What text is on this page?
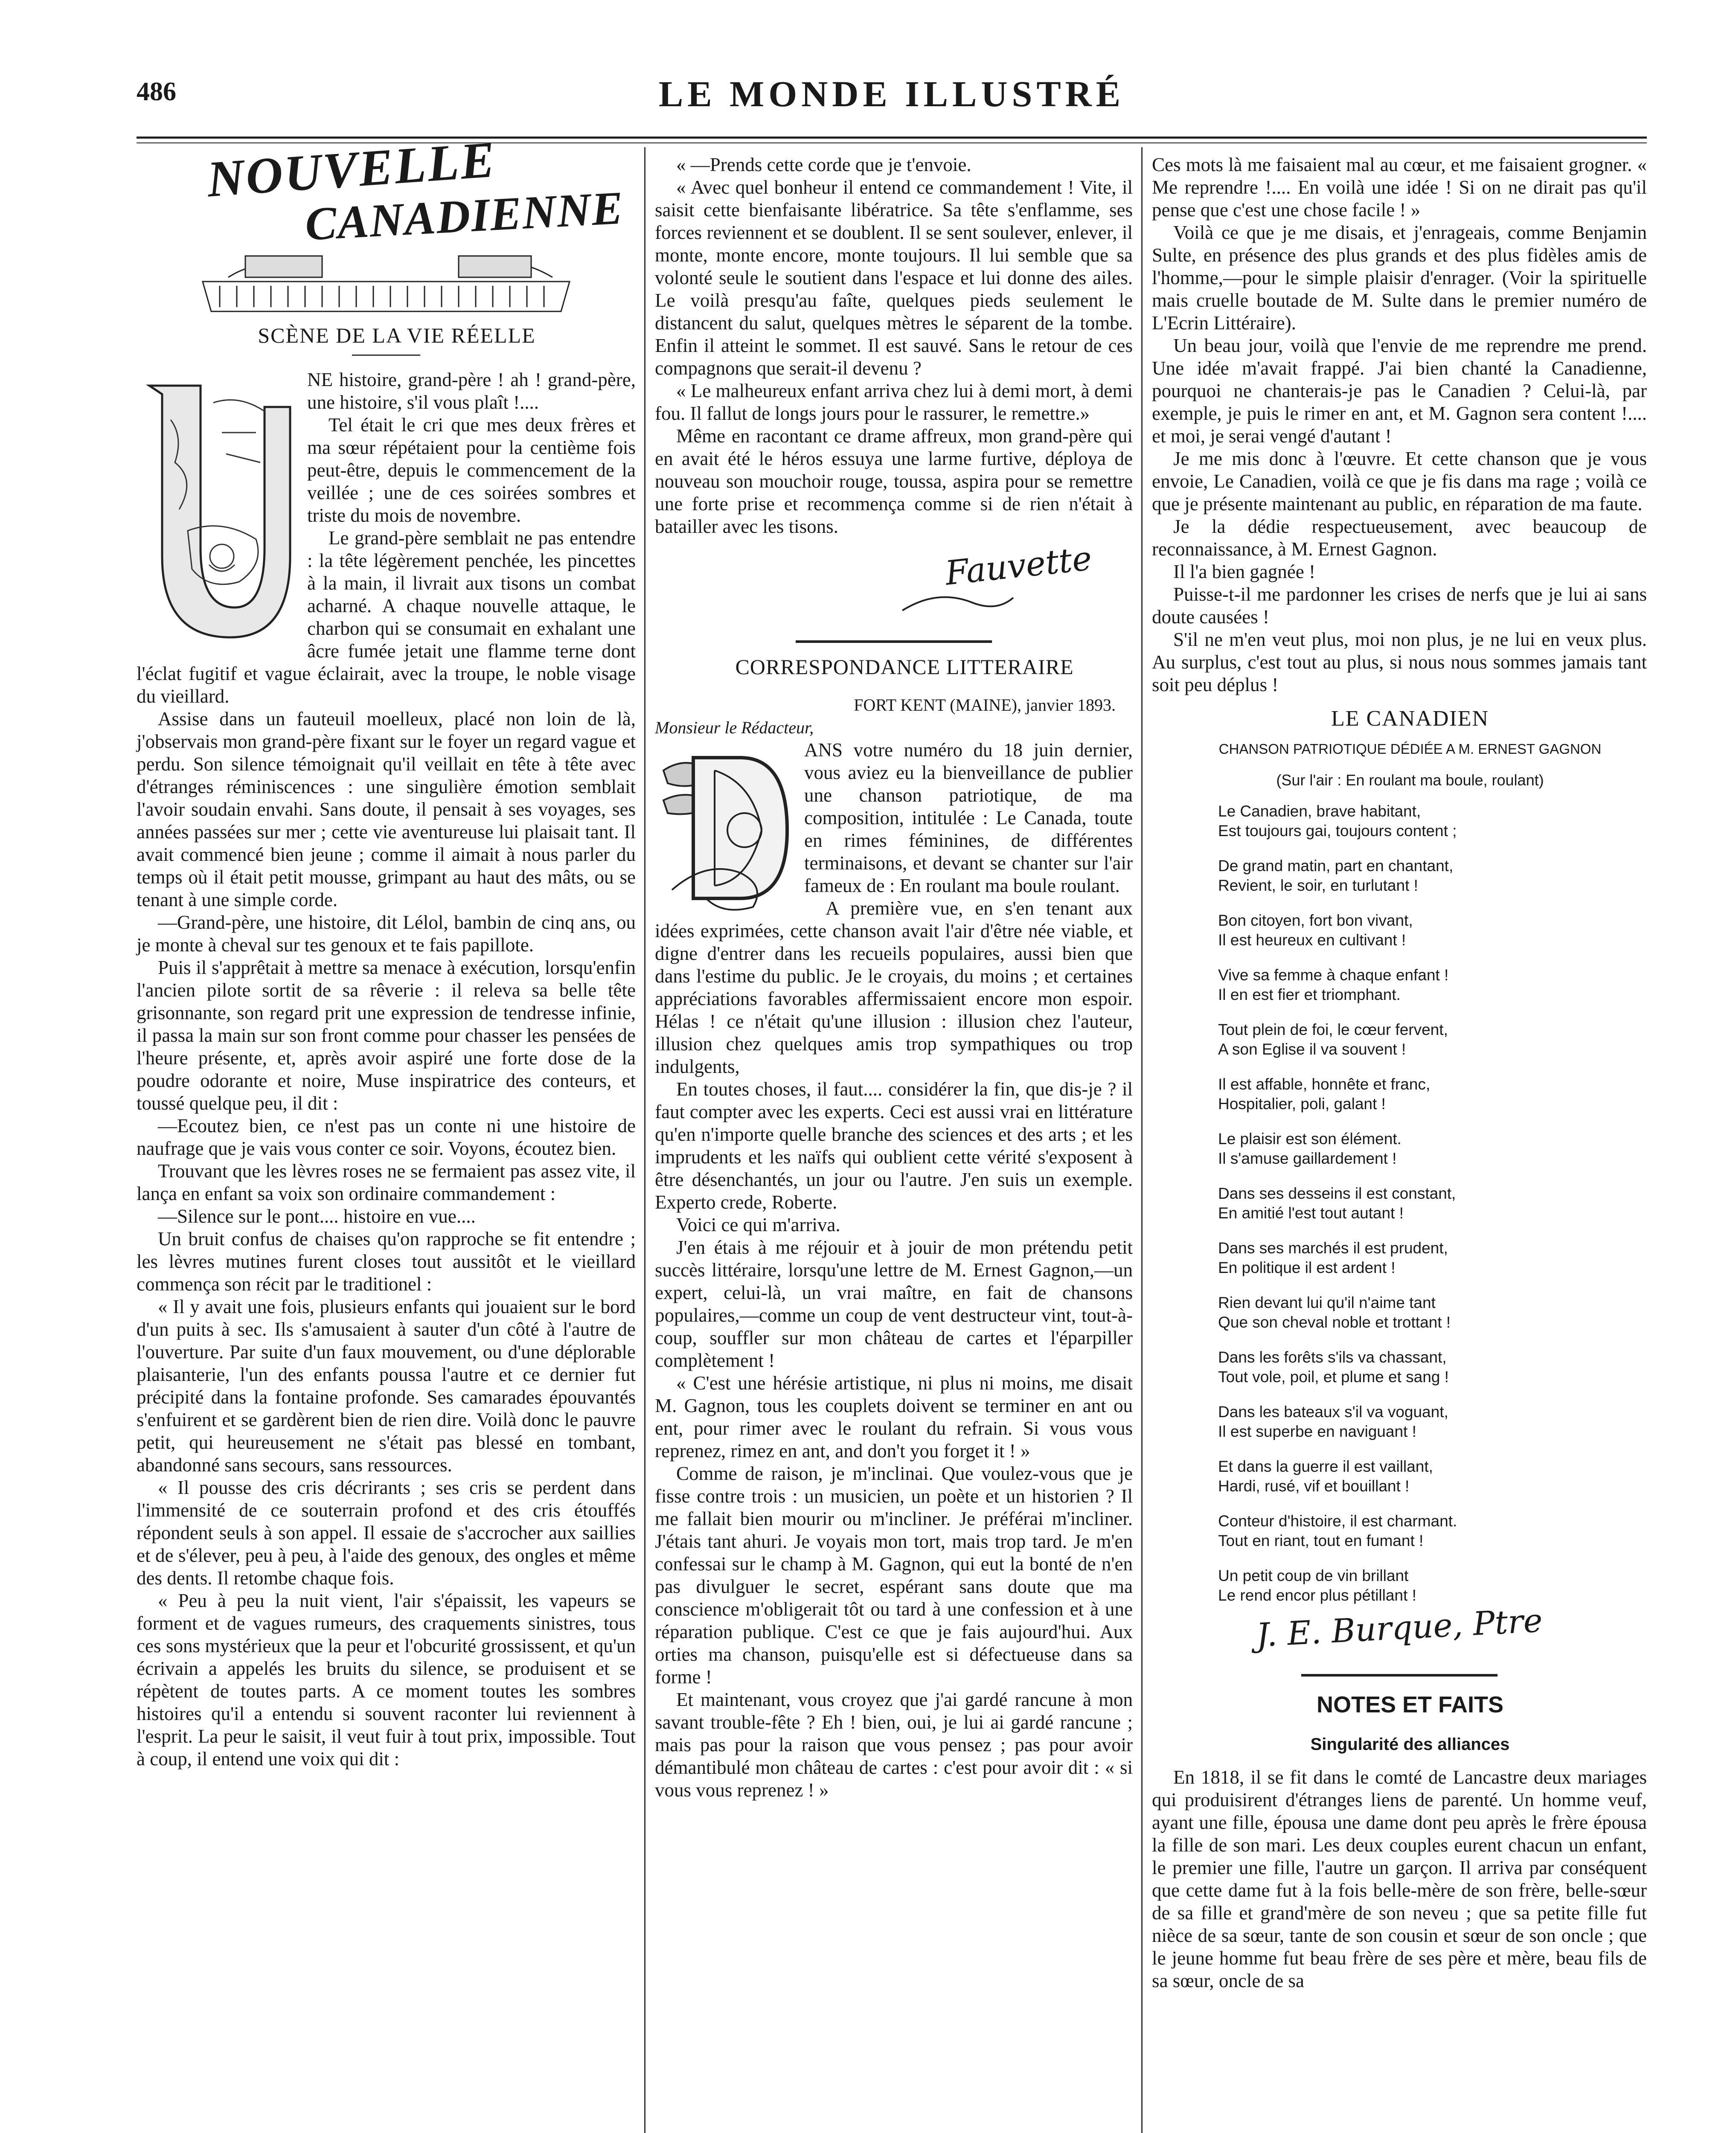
486	LE MONDE ILLUSTRÉ
NOUVELLE
CANADIENNE

SCÈNE DE LA VIE RÉELLE

NE histoire, grand-père ! ah ! grand-père, une histoire, s'il vous plaît !....

Tel était le cri que mes deux frères et ma sœur répétaient pour la centième fois peut-être, depuis le commencement de la veillée ; une de ces soirées sombres et triste du mois de novembre.

Le grand-père semblait ne pas entendre : la tête légèrement penchée, les pincettes à la main, il livrait aux tisons un combat acharné. A chaque nouvelle attaque, le charbon qui se consumait en exhalant une âcre fumée jetait une flamme terne dont l'éclat fugitif et vague éclairait, avec la troupe, le noble visage du vieillard.

Assise dans un fauteuil moelleux, placé non loin de là, j'observais mon grand-père fixant sur le foyer un regard vague et perdu. Son silence témoignait qu'il veillait en tête à tête avec d'étranges réminiscences : une singulière émotion semblait l'avoir soudain envahi. Sans doute, il pensait à ses voyages, ses années passées sur mer ; cette vie aventureuse lui plaisait tant. Il avait commencé bien jeune ; comme il aimait à nous parler du temps où il était petit mousse, grimpant au haut des mâts, ou se tenant à une simple corde.

—Grand-père, une histoire, dit Lélol, bambin de cinq ans, ou je monte à cheval sur tes genoux et te fais papillote.

Puis il s'apprêtait à mettre sa menace à exécution, lorsqu'enfin l'ancien pilote sortit de sa rêverie : il releva sa belle tête grisonnante, son regard prit une expression de tendresse infinie, il passa la main sur son front comme pour chasser les pensées de l'heure présente, et, après avoir aspiré une forte dose de la poudre odorante et noire, Muse inspiratrice des conteurs, et toussé quelque peu, il dit :

—Ecoutez bien, ce n'est pas un conte ni une histoire de naufrage que je vais vous conter ce soir. Voyons, écoutez bien.

Trouvant que les lèvres roses ne se fermaient pas assez vite, il lança en enfant sa voix son ordinaire commandement :

—Silence sur le pont.... histoire en vue....

Un bruit confus de chaises qu'on rapproche se fit entendre ; les lèvres mutines furent closes tout aussitôt et le vieillard commença son récit par le traditionel :

« Il y avait une fois, plusieurs enfants qui jouaient sur le bord d'un puits à sec. Ils s'amusaient à sauter d'un côté à l'autre de l'ouverture. Par suite d'un faux mouvement, ou d'une déplorable plaisanterie, l'un des enfants poussa l'autre et ce dernier fut précipité dans la fontaine profonde. Ses camarades épouvantés s'enfuirent et se gardèrent bien de rien dire. Voilà donc le pauvre petit, qui heureusement ne s'était pas blessé en tombant, abandonné sans secours, sans ressources.

« Il pousse des cris décrirants ; ses cris se perdent dans l'immensité de ce souterrain profond et des cris étouffés répondent seuls à son appel. Il essaie de s'accrocher aux saillies et de s'élever, peu à peu, à l'aide des genoux, des ongles et même des dents. Il retombe chaque fois.

« Peu à peu la nuit vient, l'air s'épaissit, les vapeurs se forment et de vagues rumeurs, des craquements sinistres, tous ces sons mystérieux que la peur et l'obcurité grossissent, et qu'un écrivain a appelés les bruits du silence, se produisent et se répètent de toutes parts. A ce moment toutes les sombres histoires qu'il a entendu si souvent raconter lui reviennent à l'esprit. La peur le saisit, il veut fuir à tout prix, impossible. Tout à coup, il entend une voix qui dit :

« —Prends cette corde que je t'envoie.

« Avec quel bonheur il entend ce commandement ! Vite, il saisit cette bienfaisante libératrice. Sa tête s'enflamme, ses forces reviennent et se doublent. Il se sent soulever, enlever, il monte, monte encore, monte toujours. Il lui semble que sa volonté seule le soutient dans l'espace et lui donne des ailes. Le voilà presqu'au faîte, quelques pieds seulement le distancent du salut, quelques mètres le séparent de la tombe. Enfin il atteint le sommet. Il est sauvé. Sans le retour de ces compagnons que serait-il devenu ?

« Le malheureux enfant arriva chez lui à demi mort, à demi fou. Il fallut de longs jours pour le rassurer, le remettre.»

Même en racontant ce drame affreux, mon grand-père qui en avait été le héros essuya une larme furtive, déploya de nouveau son mouchoir rouge, toussa, aspira pour se remettre une forte prise et recommença comme si de rien n'était à batailler avec les tisons.

Fauvette

CORRESPONDANCE LITTERAIRE

FORT KENT (MAINE), janvier 1893.

Monsieur le Rédacteur,

ANS votre numéro du 18 juin dernier, vous aviez eu la bienveillance de publier une chanson patriotique, de ma composition, intitulée : Le Canada, toute en rimes féminines, de différentes terminaisons, et devant se chanter sur l'air fameux de : En roulant ma boule roulant.

A première vue, en s'en tenant aux idées exprimées, cette chanson avait l'air d'être née viable, et digne d'entrer dans les recueils populaires, aussi bien que dans l'estime du public. Je le croyais, du moins ; et certaines appréciations favorables affermissaient encore mon espoir. Hélas ! ce n'était qu'une illusion : illusion chez l'auteur, illusion chez quelques amis trop sympathiques ou trop indulgents,

En toutes choses, il faut.... considérer la fin, que dis-je ? il faut compter avec les experts. Ceci est aussi vrai en littérature qu'en n'importe quelle branche des sciences et des arts ; et les imprudents et les naïfs qui oublient cette vérité s'exposent à être désenchantés, un jour ou l'autre. J'en suis un exemple. Experto crede, Roberte.

Voici ce qui m'arriva.

J'en étais à me réjouir et à jouir de mon prétendu petit succès littéraire, lorsqu'une lettre de M. Ernest Gagnon,—un expert, celui-là, un vrai maître, en fait de chansons populaires,—comme un coup de vent destructeur vint, tout-à-coup, souffler sur mon château de cartes et l'éparpiller complètement !

« C'est une hérésie artistique, ni plus ni moins, me disait M. Gagnon, tous les couplets doivent se terminer en ant ou ent, pour rimer avec le roulant du refrain. Si vous vous reprenez, rimez en ant, and don't you forget it ! »

Comme de raison, je m'inclinai. Que voulez-vous que je fisse contre trois : un musicien, un poète et un historien ? Il me fallait bien mourir ou m'incliner. Je préférai m'incliner. J'étais tant ahuri. Je voyais mon tort, mais trop tard. Je m'en confessai sur le champ à M. Gagnon, qui eut la bonté de n'en pas divulguer le secret, espérant sans doute que ma conscience m'obligerait tôt ou tard à une confession et à une réparation publique. C'est ce que je fais aujourd'hui. Aux orties ma chanson, puisqu'elle est si défectueuse dans sa forme !

Et maintenant, vous croyez que j'ai gardé rancune à mon savant trouble-fête ? Eh ! bien, oui, je lui ai gardé rancune ; mais pas pour la raison que vous pensez ; pas pour avoir démantibulé mon château de cartes : c'est pour avoir dit : « si vous vous reprenez ! »

Ces mots là me faisaient mal au cœur, et me faisaient grogner. « Me reprendre !.... En voilà une idée ! Si on ne dirait pas qu'il pense que c'est une chose facile ! »

Voilà ce que je me disais, et j'enrageais, comme Benjamin Sulte, en présence des plus grands et des plus fidèles amis de l'homme,—pour le simple plaisir d'enrager. (Voir la spirituelle mais cruelle boutade de M. Sulte dans le premier numéro de L'Ecrin Littéraire).

Un beau jour, voilà que l'envie de me reprendre me prend. Une idée m'avait frappé. J'ai bien chanté la Canadienne, pourquoi ne chanterais-je pas le Canadien ? Celui-là, par exemple, je puis le rimer en ant, et M. Gagnon sera content !.... et moi, je serai vengé d'autant !

Je me mis donc à l'œuvre. Et cette chanson que je vous envoie, Le Canadien, voilà ce que je fis dans ma rage ; voilà ce que je présente maintenant au public, en réparation de ma faute.

Je la dédie respectueusement, avec beaucoup de reconnaissance, à M. Ernest Gagnon.

Il l'a bien gagnée !

Puisse-t-il me pardonner les crises de nerfs que je lui ai sans doute causées !

S'il ne m'en veut plus, moi non plus, je ne lui en veux plus. Au surplus, c'est tout au plus, si nous nous sommes jamais tant soit peu déplus !

LE CANADIEN

CHANSON PATRIOTIQUE DÉDIÉE A M. ERNEST GAGNON

(Sur l'air : En roulant ma boule, roulant)

Le Canadien, brave habitant,

Est toujours gai, toujours content ;

De grand matin, part en chantant,

Revient, le soir, en turlutant !

Bon citoyen, fort bon vivant,

Il est heureux en cultivant !

Vive sa femme à chaque enfant !

Il en est fier et triomphant.

Tout plein de foi, le cœur fervent,

A son Eglise il va souvent !

Il est affable, honnête et franc,

Hospitalier, poli, galant !

Le plaisir est son élément.

Il s'amuse gaillardement !

Dans ses desseins il est constant,

En amitié l'est tout autant !

Dans ses marchés il est prudent,

En politique il est ardent !

Rien devant lui qu'il n'aime tant

Que son cheval noble et trottant !

Dans les forêts s'ils va chassant,

Tout vole, poil, et plume et sang !

Dans les bateaux s'il va voguant,

Il est superbe en naviguant !

Et dans la guerre il est vaillant,

Hardi, rusé, vif et bouillant !

Conteur d'histoire, il est charmant.

Tout en riant, tout en fumant !

Un petit coup de vin brillant

Le rend encor plus pétillant !

J. E. Burque, Ptre

NOTES ET FAITS

Singularité des alliances

En 1818, il se fit dans le comté de Lancastre deux mariages qui produisirent d'étranges liens de parenté. Un homme veuf, ayant une fille, épousa une dame dont peu après le frère épousa la fille de son mari. Les deux couples eurent chacun un enfant, le premier une fille, l'autre un garçon. Il arriva par conséquent que cette dame fut à la fois belle-mère de son frère, belle-sœur de sa fille et grand'mère de son neveu ; que sa petite fille fut nièce de sa sœur, tante de son cousin et sœur de son oncle ; que le jeune homme fut beau frère de ses père et mère, beau fils de sa sœur, oncle de sa
